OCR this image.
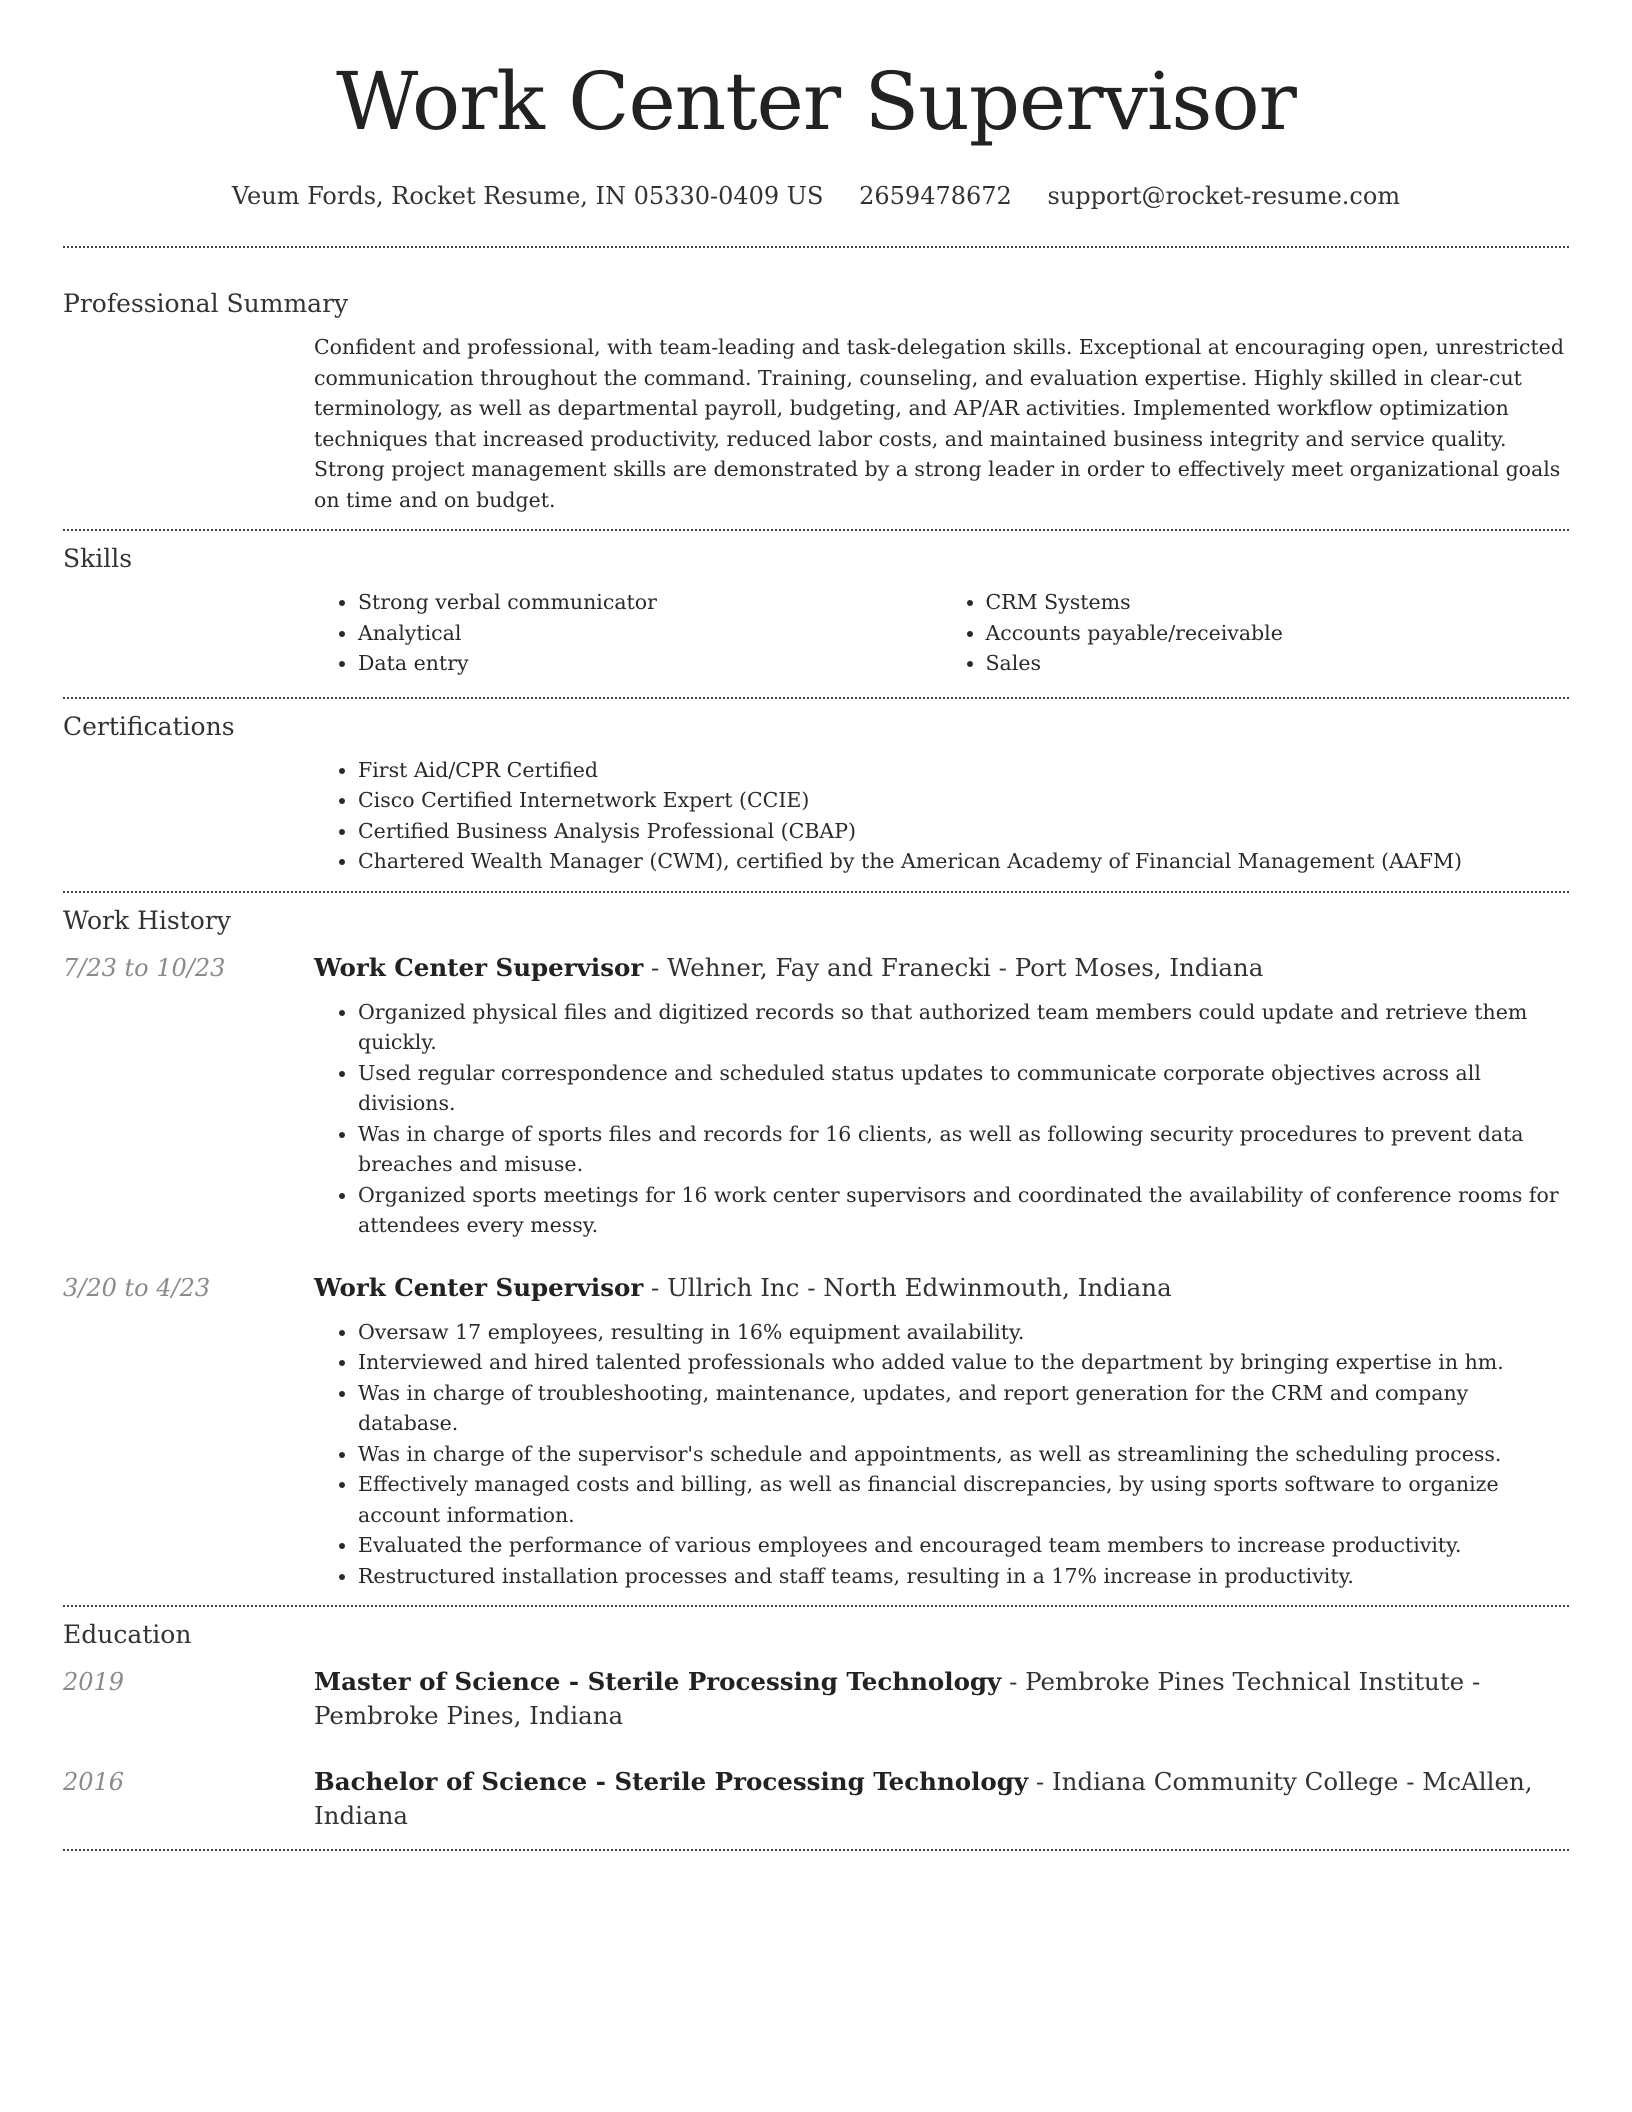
Work Center Supervisor
Veum Fords, Rocket Resume, IN 05330-0409 US 2659478672 support@rocket-resume.com
Professional Summary

Confident and professional, with team-leading and task-delegation skills. Exceptional at encouraging open, unrestricted communication throughout the command. Training, counseling, and evaluation expertise. Highly skilled in clear-cut terminology, as well as departmental payroll, budgeting, and AP/AR activities. Implemented workflow optimization techniques that increased productivity, reduced labor costs, and maintained business integrity and service quality. Strong project management skills are demonstrated by a strong leader in order to effectively meet organizational goals on time and on budget.

Skills
• Strong verbal communicator
• Analytical
• Data entry
• CRM Systems
• Accounts payable/receivable
• Sales
Certifications
• First Aid/CPR Certified
• Cisco Certified Internetwork Expert (CCIE)
• Certified Business Analysis Professional (CBAP)
• Chartered Wealth Manager (CWM), certified by the American Academy of Financial Management (AAFM)
Work History
7/23 to 10/23	Work Center Supervisor - Wehner, Fay and Franecki - Port Moses, Indiana
• Organized physical files and digitized records so that authorized team members could update and retrieve them quickly.
• Used regular correspondence and scheduled status updates to communicate corporate objectives across all divisions.
• Was in charge of sports files and records for 16 clients, as well as following security procedures to prevent data breaches and misuse.
• Organized sports meetings for 16 work center supervisors and coordinated the availability of conference rooms for attendees every messy.
3/20 to 4/23	Work Center Supervisor - Ullrich Inc - North Edwinmouth, Indiana
• Oversaw 17 employees, resulting in 16% equipment availability.
• Interviewed and hired talented professionals who added value to the department by bringing expertise in hm.
• Was in charge of troubleshooting, maintenance, updates, and report generation for the CRM and company database.
• Was in charge of the supervisor's schedule and appointments, as well as streamlining the scheduling process.
• Effectively managed costs and billing, as well as financial discrepancies, by using sports software to organize account information.
• Evaluated the performance of various employees and encouraged team members to increase productivity.
• Restructured installation processes and staff teams, resulting in a 17% increase in productivity.
Education
2019	Master of Science - Sterile Processing Technology - Pembroke Pines Technical Institute - Pembroke Pines, Indiana
2016	Bachelor of Science - Sterile Processing Technology - Indiana Community College - McAllen, Indiana
